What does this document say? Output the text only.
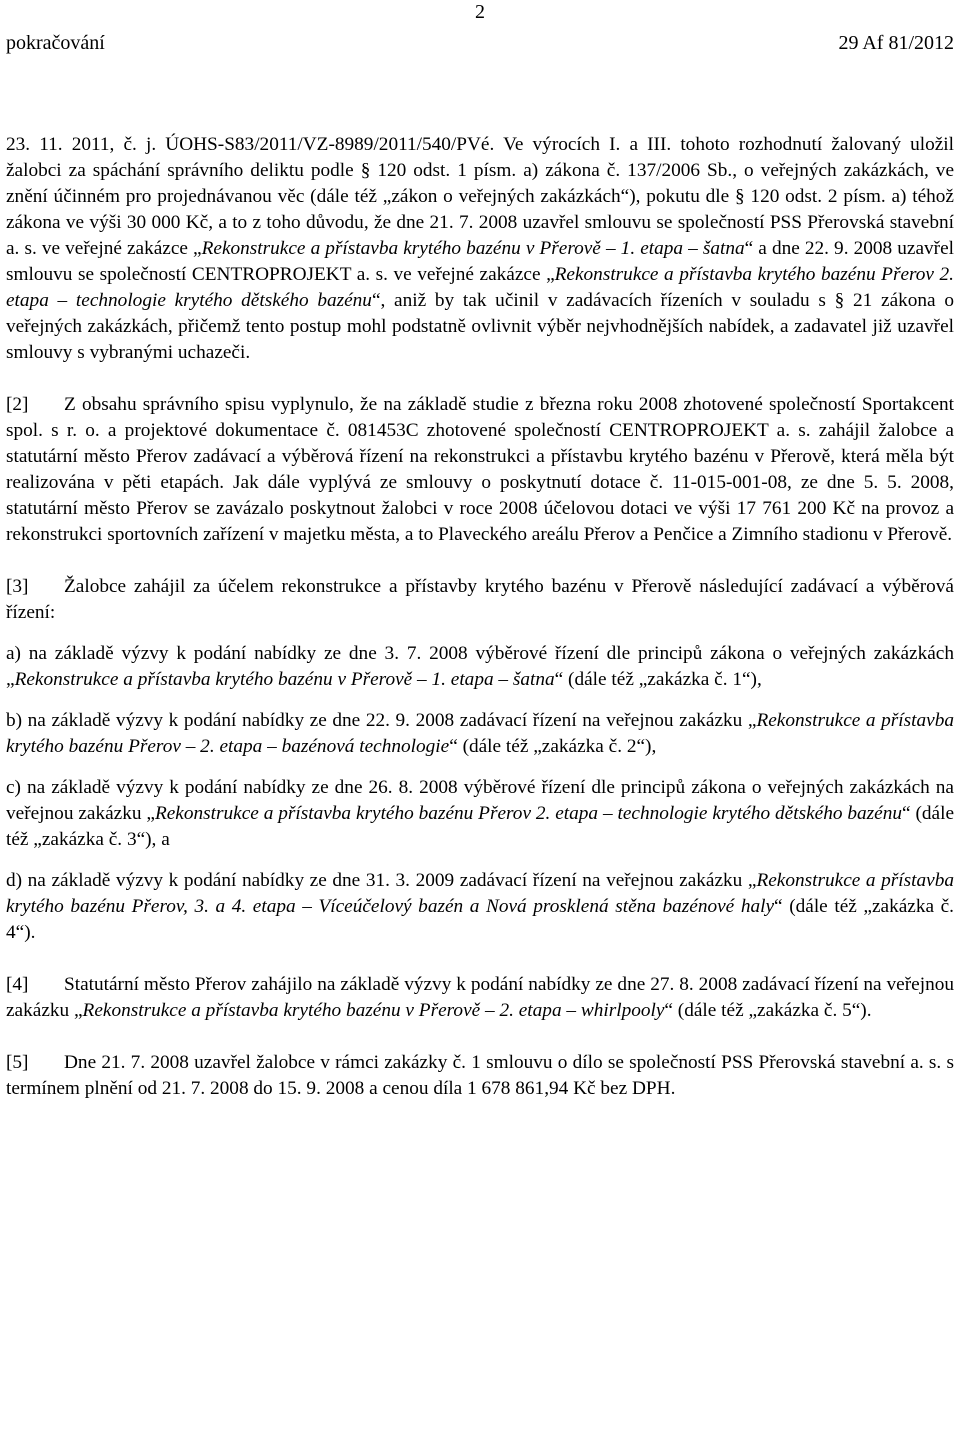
2
pokračování	29 Af 81/2012

23. 11. 2011, č. j. ÚOHS-S83/2011/VZ-8989/2011/540/PVé. Ve výrocích I. a III. tohoto rozhodnutí žalovaný uložil žalobci za spáchání správního deliktu podle § 120 odst. 1 písm. a) zákona č. 137/2006 Sb., o veřejných zakázkách, ve znění účinném pro projednávanou věc (dále též „zákon o veřejných zakázkách“), pokutu dle § 120 odst. 2 písm. a) téhož zákona ve výši 30 000 Kč, a to z toho důvodu, že dne 21. 7. 2008 uzavřel smlouvu se společností PSS Přerovská stavební a. s. ve veřejné zakázce „Rekonstrukce a přístavba krytého bazénu v Přerově – 1. etapa – šatna“ a dne 22. 9. 2008 uzavřel smlouvu se společností CENTROPROJEKT a. s. ve veřejné zakázce „Rekonstrukce a přístavba krytého bazénu Přerov 2. etapa – technologie krytého dětského bazénu“, aniž by tak učinil v zadávacích řízeních v souladu s § 21 zákona o veřejných zakázkách, přičemž tento postup mohl podstatně ovlivnit výběr nejvhodnějších nabídek, a zadavatel již uzavřel smlouvy s vybranými uchazeči.

[2] Z obsahu správního spisu vyplynulo, že na základě studie z března roku 2008 zhotovené společností Sportakcent spol. s r. o. a projektové dokumentace č. 081453C zhotovené společností CENTROPROJEKT a. s. zahájil žalobce a statutární město Přerov zadávací a výběrová řízení na rekonstrukci a přístavbu krytého bazénu v Přerově, která měla být realizována v pěti etapách. Jak dále vyplývá ze smlouvy o poskytnutí dotace č. 11-015-001-08, ze dne 5. 5. 2008, statutární město Přerov se zavázalo poskytnout žalobci v roce 2008 účelovou dotaci ve výši 17 761 200 Kč na provoz a rekonstrukci sportovních zařízení v majetku města, a to Plaveckého areálu Přerov a Penčice a Zimního stadionu v Přerově.

[3] Žalobce zahájil za účelem rekonstrukce a přístavby krytého bazénu v Přerově následující zadávací a výběrová řízení:

a) na základě výzvy k podání nabídky ze dne 3. 7. 2008 výběrové řízení dle principů zákona o veřejných zakázkách „Rekonstrukce a přístavba krytého bazénu v Přerově – 1. etapa – šatna“ (dále též „zakázka č. 1“),

b) na základě výzvy k podání nabídky ze dne 22. 9. 2008 zadávací řízení na veřejnou zakázku „Rekonstrukce a přístavba krytého bazénu Přerov – 2. etapa – bazénová technologie“ (dále též „zakázka č. 2“),

c) na základě výzvy k podání nabídky ze dne 26. 8. 2008 výběrové řízení dle principů zákona o veřejných zakázkách na veřejnou zakázku „Rekonstrukce a přístavba krytého bazénu Přerov 2. etapa – technologie krytého dětského bazénu“ (dále též „zakázka č. 3“), a

d) na základě výzvy k podání nabídky ze dne 31. 3. 2009 zadávací řízení na veřejnou zakázku „Rekonstrukce a přístavba krytého bazénu Přerov, 3. a 4. etapa – Víceúčelový bazén a Nová prosklená stěna bazénové haly“ (dále též „zakázka č. 4“).

[4] Statutární město Přerov zahájilo na základě výzvy k podání nabídky ze dne 27. 8. 2008 zadávací řízení na veřejnou zakázku „Rekonstrukce a přístavba krytého bazénu v Přerově – 2. etapa – whirlpooly“ (dále též „zakázka č. 5“).

[5] Dne 21. 7. 2008 uzavřel žalobce v rámci zakázky č. 1 smlouvu o dílo se společností PSS Přerovská stavební a. s. s termínem plnění od 21. 7. 2008 do 15. 9. 2008 a cenou díla 1 678 861,94 Kč bez DPH.
